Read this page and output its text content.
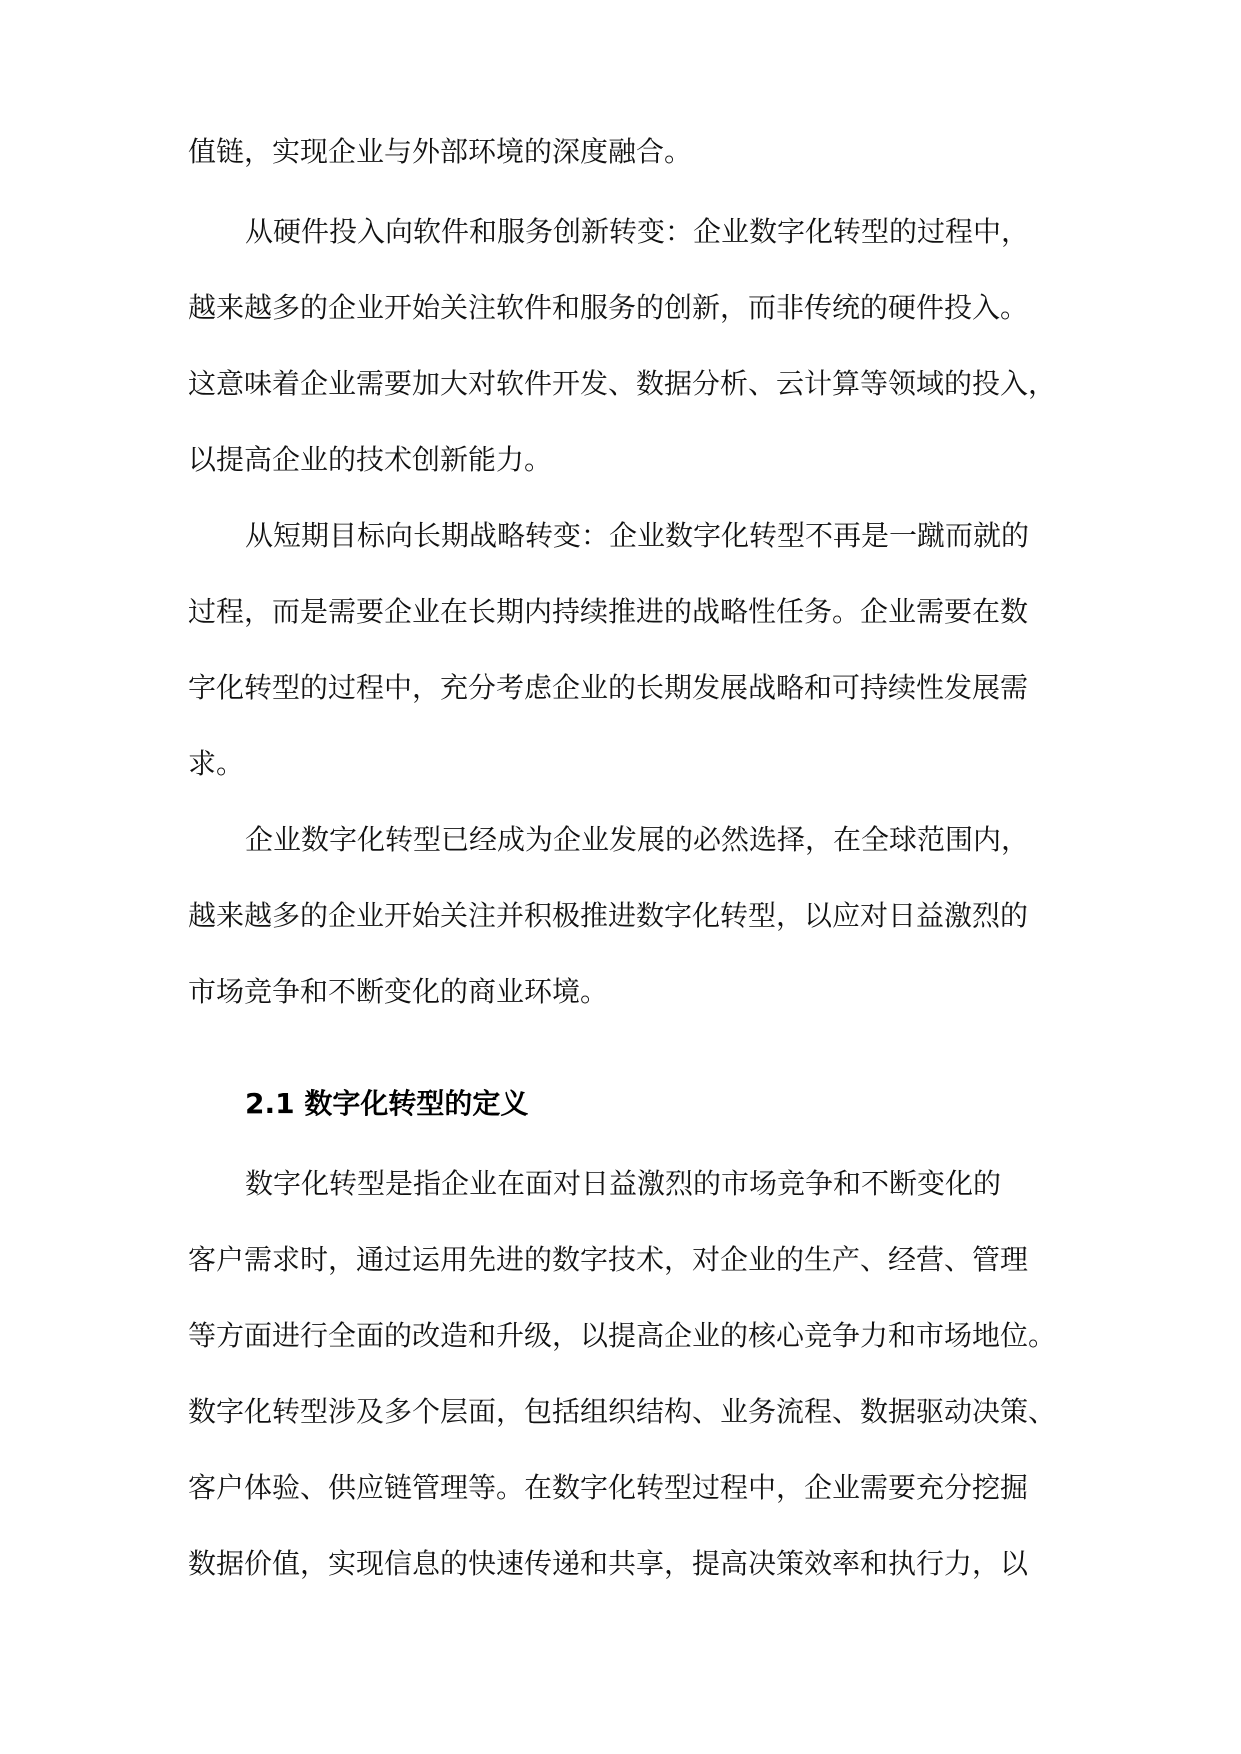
值链，实现企业与外部环境的深度融合。
从硬件投入向软件和服务创新转变：企业数字化转型的过程中，
越来越多的企业开始关注软件和服务的创新，而非传统的硬件投入。
这意味着企业需要加大对软件开发、数据分析、云计算等领域的投入，
以提高企业的技术创新能力。
从短期目标向长期战略转变：企业数字化转型不再是一蹴而就的
过程，而是需要企业在长期内持续推进的战略性任务。企业需要在数
字化转型的过程中，充分考虑企业的长期发展战略和可持续性发展需
求。
企业数字化转型已经成为企业发展的必然选择，在全球范围内，
越来越多的企业开始关注并积极推进数字化转型，以应对日益激烈的
市场竞争和不断变化的商业环境。
2.1 数字化转型的定义
数字化转型是指企业在面对日益激烈的市场竞争和不断变化的
客户需求时，通过运用先进的数字技术，对企业的生产、经营、管理
等方面进行全面的改造和升级，以提高企业的核心竞争力和市场地位。
数字化转型涉及多个层面，包括组织结构、业务流程、数据驱动决策、
客户体验、供应链管理等。在数字化转型过程中，企业需要充分挖掘
数据价值，实现信息的快速传递和共享，提高决策效率和执行力，以
